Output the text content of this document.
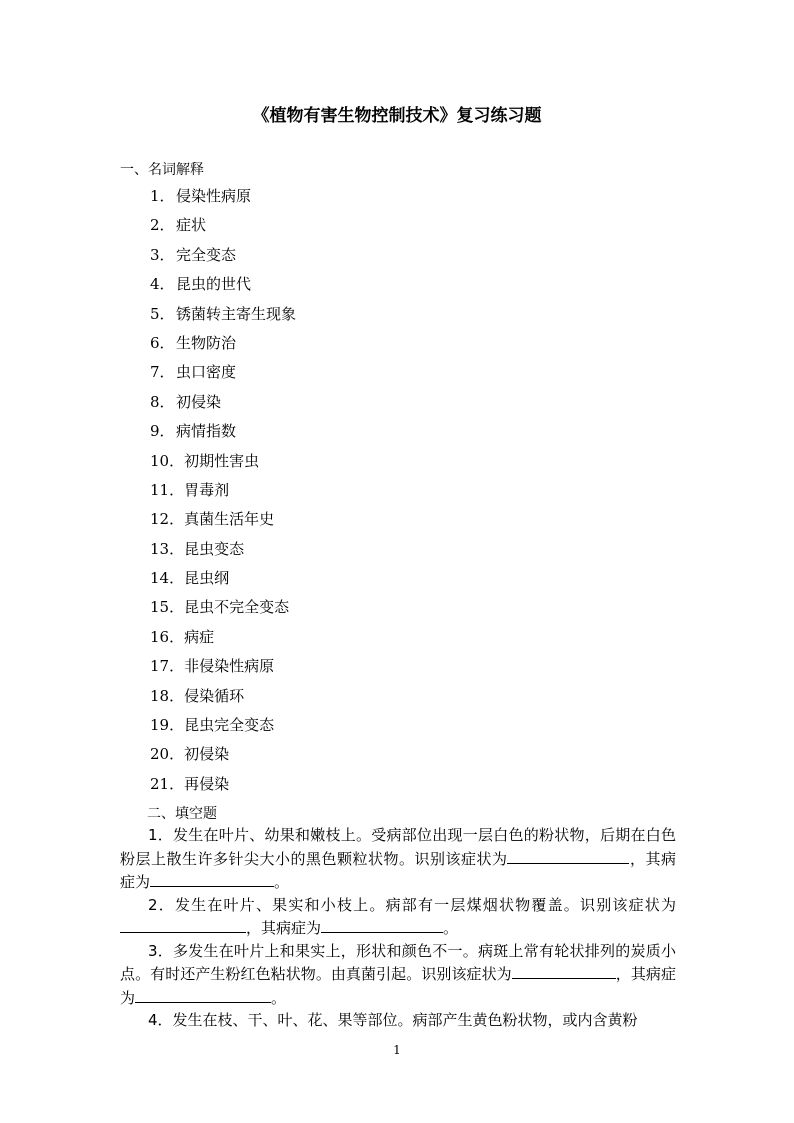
《植物有害生物控制技术》复习练习题
一、名词解释
1．侵染性病原
2．症状
3．完全变态
4．昆虫的世代
5．锈菌转主寄生现象
6．生物防治
7．虫口密度
8．初侵染
9．病情指数
10．初期性害虫
11．胃毒剂
12．真菌生活年史
13．昆虫变态
14．昆虫纲
15．昆虫不完全变态
16．病症
17．非侵染性病原
18．侵染循环
19．昆虫完全变态
20．初侵染
21．再侵染
二、填空题

1．发生在叶片、幼果和嫩枝上。受病部位出现一层白色的粉状物，后期在白色粉层上散生许多针尖大小的黑色颗粒状物。识别该症状为	，其病症为	。

2．发生在叶片、果实和小枝上。病部有一层煤烟状物覆盖。识别该症状为，其病症为	。

3．多发生在叶片上和果实上，形状和颜色不一。病斑上常有轮状排列的炭质小点。有时还产生粉红色粘状物。由真菌引起。识别该症状为	，其病症为	。

4．发生在枝、干、叶、花、果等部位。病部产生黄色粉状物，或内含黄粉

1
